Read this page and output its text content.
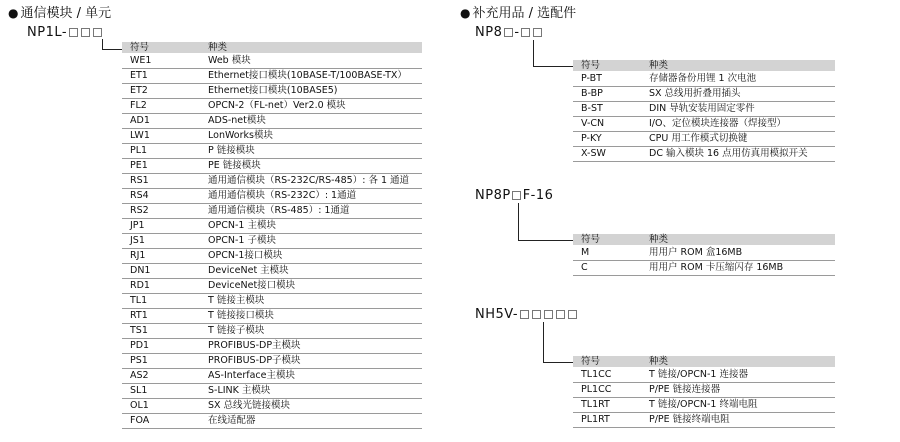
● 通信模块 / 单元
NP1L-
符号	种类
WE1	Web 模块
ET1	Ethernet接口模块(10BASE-T/100BASE-TX）
ET2	Ethernet接口模块(10BASE5)
FL2	OPCN-2（FL-net）Ver2.0 模块
AD1	ADS-net模块
LW1	LonWorks模块
PL1	P 链接模块
PE1	PE 链接模块
RS1	通用通信模块（RS-232C/RS-485）: 各 1 通道
RS4	通用通信模块（RS-232C）: 1通道
RS2	通用通信模块（RS-485）: 1通道
JP1	OPCN-1 主模块
JS1	OPCN-1 子模块
RJ1	OPCN-1接口模块
DN1	DeviceNet 主模块
RD1	DeviceNet接口模块
TL1	T 链接主模块
RT1	T 链接接口模块
TS1	T 链接子模块
PD1	PROFIBUS-DP主模块
PS1	PROFIBUS-DP子模块
AS2	AS-Interface主模块
SL1	S-LINK 主模块
OL1	SX 总线光链接模块
FOA	在线适配器
● 补充用品 / 选配件
NP8 -
符号	种类
P-BT	存储器备份用锂 1 次电池
B-BP	SX 总线用折叠用插头
B-ST	DIN 导轨安装用固定零件
V-CN	I/O、定位模块连接器（焊接型）
P-KY	CPU 用工作模式切换键
X-SW	DC 输入模块 16 点用仿真用模拟开关
NP8P F-16
符号	种类
M	用用户 ROM 盒16MB
C	用用户 ROM 卡压缩闪存 16MB
NH5V-
符号	种类
TL1CC	T 链接/OPCN-1 连接器
PL1CC	P/PE 链接连接器
TL1RT	T 链接/OPCN-1 终端电阻
PL1RT	P/PE 链接终端电阻
